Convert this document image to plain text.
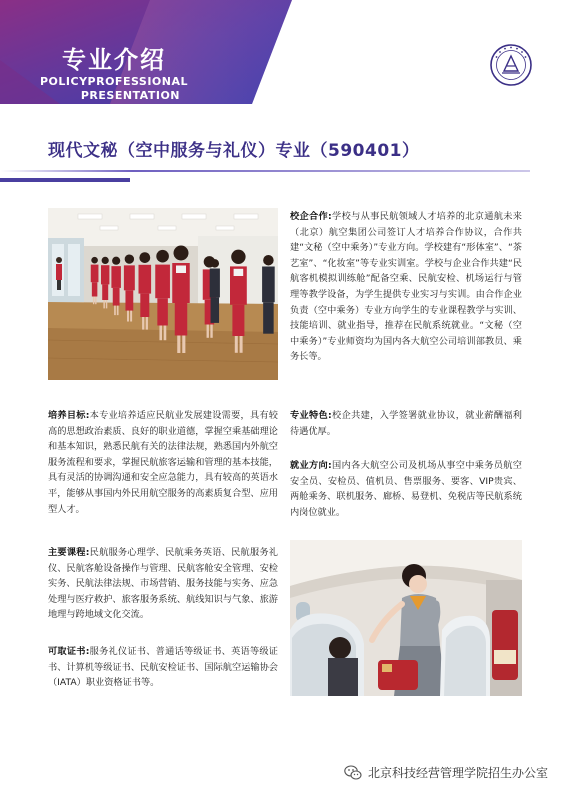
专业介绍
POLICYPROFESSIONAL
PRESENTATION
现代文秘（空中服务与礼仪）专业（590401）
校企合作:学校与从事民航领域人才培养的北京通航未来（北京）航空集团公司签订人才培养合作协议，合作共建“文秘（空中乘务）”专业方向。学校建有“形体室”、“茶艺室”、“化妆室”等专业实训室。学校与企业合作共建“民航客机模拟训练舱”配备空乘、民航安检、机场运行与管理等教学设备，为学生提供专业实习与实训。由合作企业负责（空中乘务）专业方向学生的专业课程教学与实训、技能培训、就业指导，推荐在民航系统就业。“文秘（空中乘务）”专业师资均为国内各大航空公司培训部教员、乘务长等。
培养目标:本专业培养适应民航业发展建设需要，具有较高的思想政治素质、良好的职业道德，掌握空乘基础理论和基本知识，熟悉民航有关的法律法规，熟悉国内外航空服务流程和要求，掌握民航旅客运输和管理的基本技能，具有灵活的协调沟通和安全应急能力，具有较高的英语水平，能够从事国内外民用航空服务的高素质复合型、应用型人才。
专业特色:校企共建，入学签署就业协议，就业薪酬福利待遇优厚。
就业方向:国内各大航空公司及机场从事空中乘务员航空安全员、安检员、值机员、售票服务、要客、VIP贵宾、两舱乘务、联机服务、廊桥、易登机、免税店等民航系统内岗位就业。
主要课程:民航服务心理学、民航乘务英语、民航服务礼仪、民航客舱设备操作与管理、民航客舱安全管理、安检实务、民航法律法规、市场营销、服务技能与实务、应急处理与医疗救护、旅客服务系统、航线知识与气象、旅游地理与跨地域文化交流。
可取证书:服务礼仪证书、普通话等级证书、英语等级证书、计算机等级证书、民航安检证书、国际航空运输协会（IATA）职业资格证书等。
北京科技经营管理学院招生办公室
